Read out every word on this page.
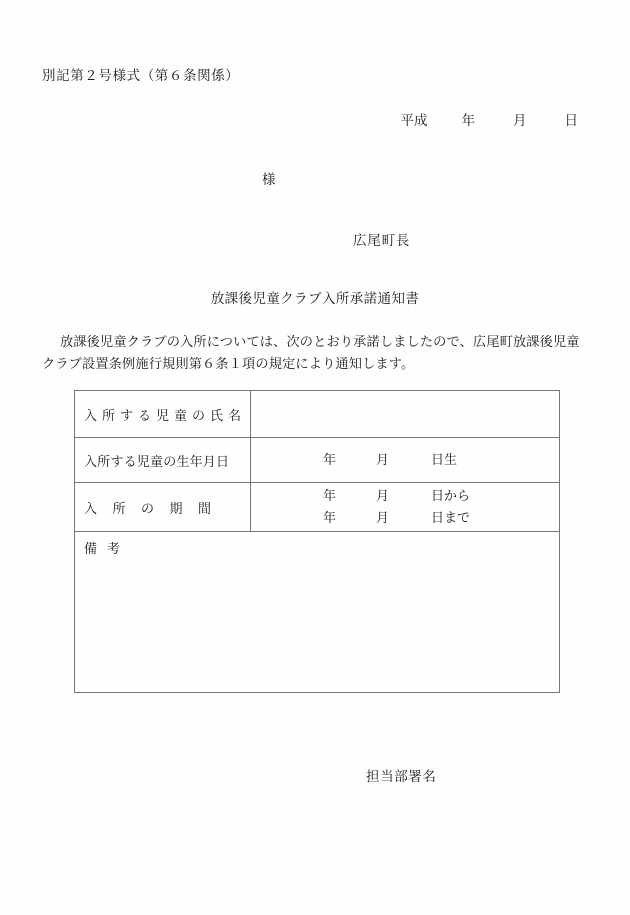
別記第２号様式（第６条関係）
平成	年	月	日
様
広尾町長
放課後児童クラブ入所承諾通知書
放課後児童クラブの入所については、次のとおり承諾しましたので、広尾町放課後児童
クラブ設置条例施行規則第６条１項の規定により通知します。
入所する児童の氏名	

入所する児童の生年月日	年 月 日生

入所の期間	年 月 日から
年 月 日まで

備考	
担当部署名
